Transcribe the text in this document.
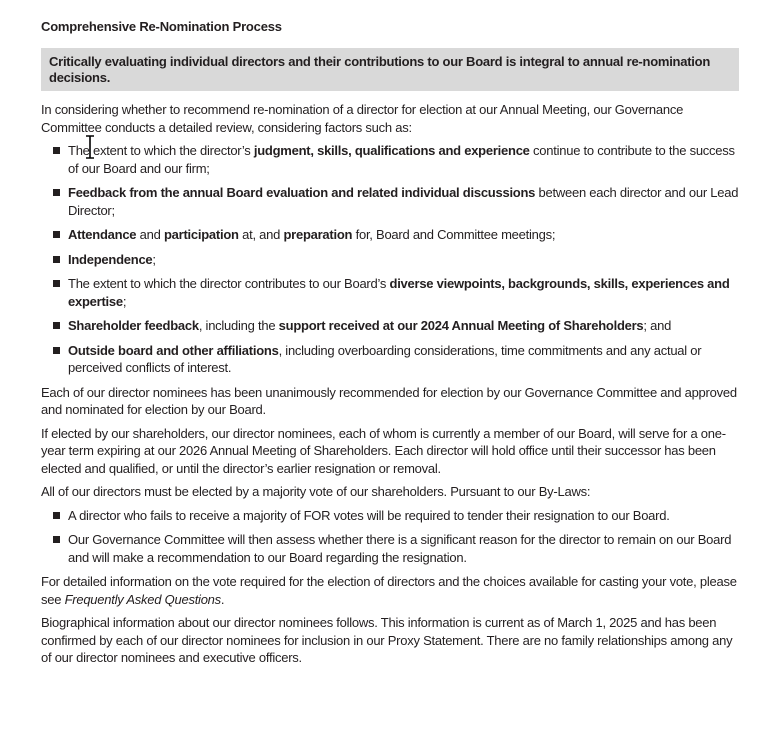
Comprehensive Re-Nomination Process
Critically evaluating individual directors and their contributions to our Board is integral to annual re-nomination decisions.

In considering whether to recommend re-nomination of a director for election at our Annual Meeting, our Governance Committee conducts a detailed review, considering factors such as:

The extent to which the director’s judgment, skills, qualifications and experience continue to contribute to the success of our Board and our firm;
Feedback from the annual Board evaluation and related individual discussions between each director and our Lead Director;
Attendance and participation at, and preparation for, Board and Committee meetings;
Independence;
The extent to which the director contributes to our Board’s diverse viewpoints, backgrounds, skills, experiences and expertise;
Shareholder feedback, including the support received at our 2024 Annual Meeting of Shareholders; and
Outside board and other affiliations, including overboarding considerations, time commitments and any actual or perceived conflicts of interest.

Each of our director nominees has been unanimously recommended for election by our Governance Committee and approved and nominated for election by our Board.

If elected by our shareholders, our director nominees, each of whom is currently a member of our Board, will serve for a one-year term expiring at our 2026 Annual Meeting of Shareholders. Each director will hold office until their successor has been elected and qualified, or until the director’s earlier resignation or removal.

All of our directors must be elected by a majority vote of our shareholders. Pursuant to our By-Laws:

A director who fails to receive a majority of FOR votes will be required to tender their resignation to our Board.
Our Governance Committee will then assess whether there is a significant reason for the director to remain on our Board and will make a recommendation to our Board regarding the resignation.

For detailed information on the vote required for the election of directors and the choices available for casting your vote, please see Frequently Asked Questions.

Biographical information about our director nominees follows. This information is current as of March 1, 2025 and has been confirmed by each of our director nominees for inclusion in our Proxy Statement. There are no family relationships among any of our director nominees and executive officers.
